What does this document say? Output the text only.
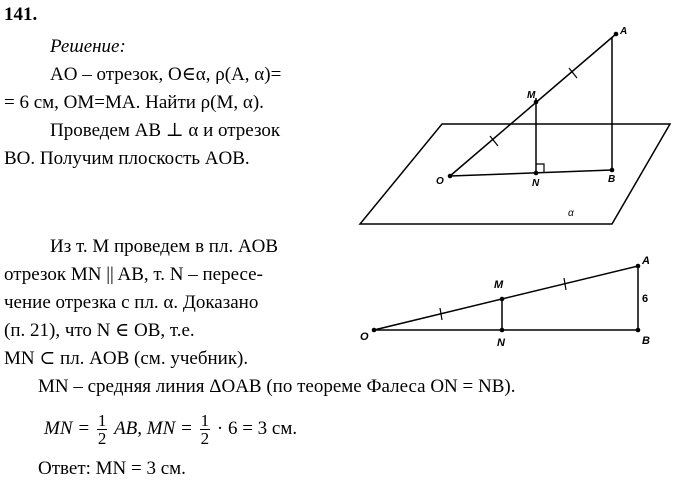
141.
Решение:
AO – отрезок, O∈α, ρ(A, α)=
= 6 см, OM=MA. Найти ρ(M, α).
Проведем AB ⊥ α и отрезок
BO. Получим плоскость AOB.
A
M
O	N	B
α
Из т. M проведем в пл. AOB
отрезок MN || AB, т. N – пересе-
чение отрезка с пл. α. Доказано
(п. 21), что N ∈ OB, т.е.
MN ⊂ пл. AOB (см. учебник).
A
M
O	N	B
6
MN – средняя линия ΔOAB (по теореме Фалеса ON = NB).
MN = $\frac{1}{2}$ AB, MN = $\frac{1}{2} \cdot 6 = 3$ см.
Ответ: MN = 3 см.
